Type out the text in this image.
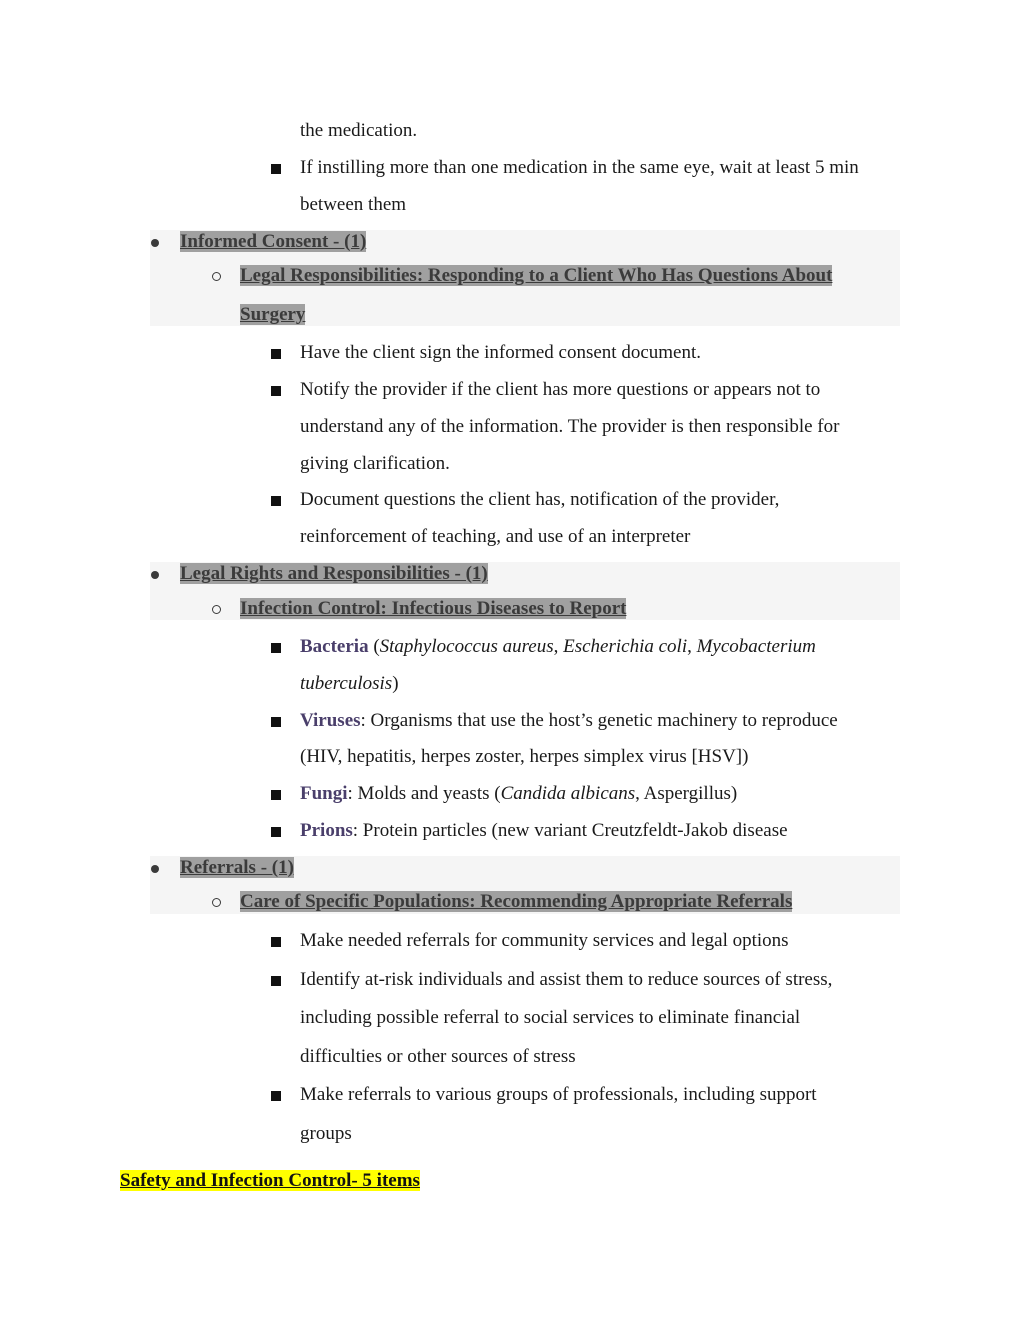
the medication.
If instilling more than one medication in the same eye, wait at least 5 min
between them
Informed Consent - (1)
Legal Responsibilities: Responding to a Client Who Has Questions About
Surgery
Have the client sign the informed consent document.
Notify the provider if the client has more questions or appears not to
understand any of the information. The provider is then responsible for
giving clarification.
Document questions the client has, notification of the provider,
reinforcement of teaching, and use of an interpreter
Legal Rights and Responsibilities - (1)
Infection Control: Infectious Diseases to Report
Bacteria (Staphylococcus aureus, Escherichia coli, Mycobacterium
tuberculosis)
Viruses: Organisms that use the host’s genetic machinery to reproduce
(HIV, hepatitis, herpes zoster, herpes simplex virus [HSV])
Fungi: Molds and yeasts (Candida albicans, Aspergillus)
Prions: Protein particles (new variant Creutzfeldt-Jakob disease
Referrals - (1)
Care of Specific Populations: Recommending Appropriate Referrals
Make needed referrals for community services and legal options
Identify at-risk individuals and assist them to reduce sources of stress,
including possible referral to social services to eliminate financial
difficulties or other sources of stress
Make referrals to various groups of professionals, including support
groups
Safety and Infection Control- 5 items
